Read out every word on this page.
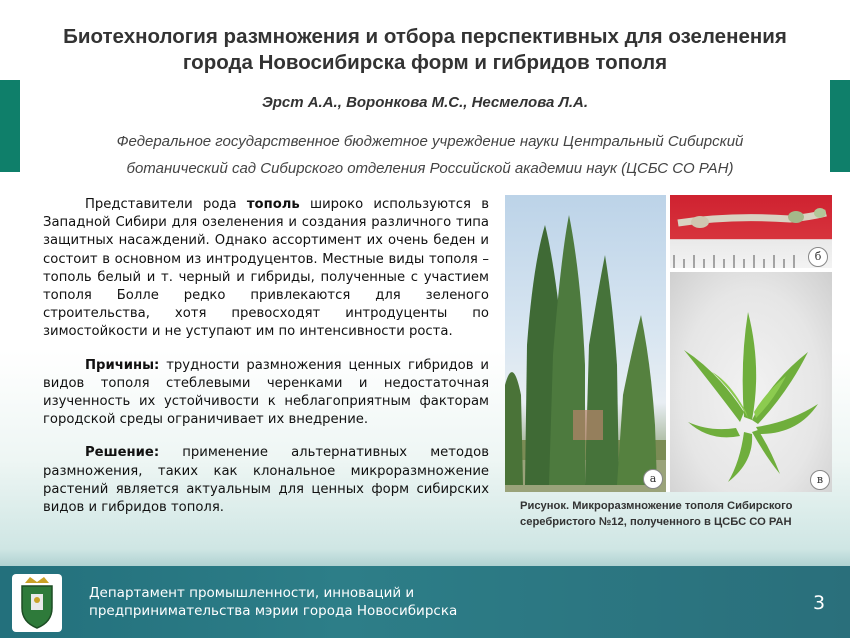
Биотехнология размножения и отбора перспективных для озеленения
города Новосибирска форм и гибридов тополя
Эрст А.А., Воронкова М.С., Несмелова Л.А.
Федеральное государственное бюджетное учреждение науки Центральный Сибирский
ботанический сад Сибирского отделения Российской академии наук (ЦСБС СО РАН)

Представители рода тополь широко используются в Западной Сибири для озеленения и создания различного типа защитных насаждений. Однако ассортимент их очень беден и состоит в основном из интродуцентов. Местные виды тополя – тополь белый и т. черный и гибриды, полученные с участием тополя Болле редко привлекаются для зеленого строительства, хотя превосходят интродуценты по зимостойкости и не уступают им по интенсивности роста.

Причины: трудности размножения ценных гибридов и видов тополя стеблевыми черенками и недостаточная изученность их устойчивости к неблагоприятным факторам городской среды ограничивает их внедрение.

Решение: применение альтернативных методов размножения, таких как клональное микроразмножение растений является актуальным для ценных форм сибирских видов и гибридов тополя.

а
б
в
Рисунок. Микроразмножение тополя Сибирского серебристого №12, полученного в ЦСБС СО РАН
Департамент промышленности, инноваций и
предпринимательства мэрии города Новосибирска	3
